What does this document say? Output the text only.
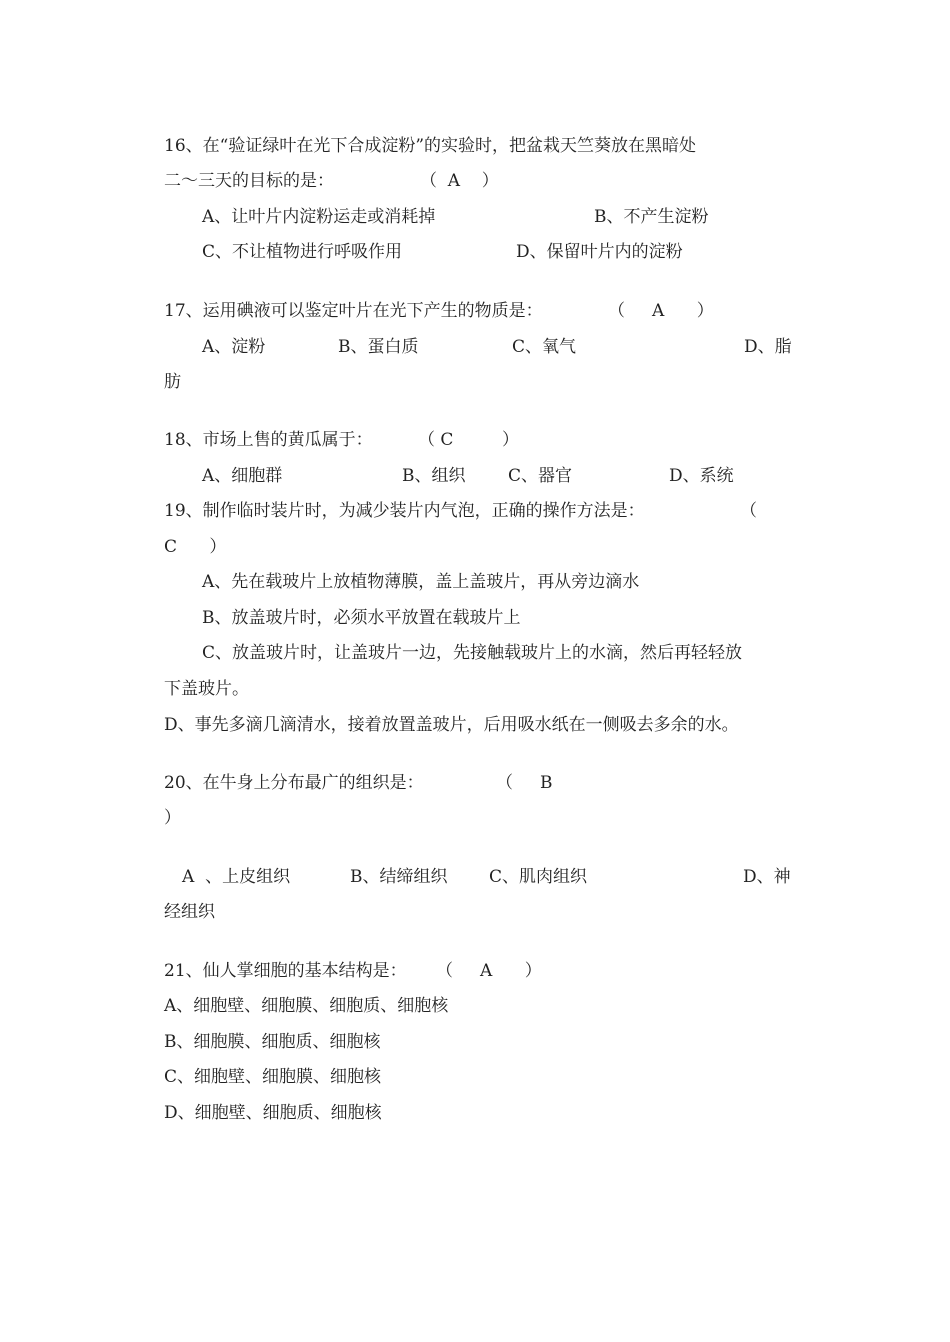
16、在“验证绿叶在光下合成淀粉”的实验时，把盆栽天竺葵放在黑暗处
二～三天的目标的是：	（  A    ）
A、让叶片内淀粉运走或消耗掉	B、不产生淀粉
C、不让植物进行呼吸作用	D、保留叶片内的淀粉
17、运用碘液可以鉴定叶片在光下产生的物质是：	（     A      ）
A、淀粉	B、蛋白质	C、氧气	D、脂
肪
18、市场上售的黄瓜属于：	（ C         ）
A、细胞群	B、组织	C、器官	D、系统
19、制作临时装片时，为减少装片内气泡，正确的操作方法是：	（
C      ）
A、先在载玻片上放植物薄膜，盖上盖玻片，再从旁边滴水
B、放盖玻片时，必须水平放置在载玻片上
C、放盖玻片时，让盖玻片一边，先接触载玻片上的水滴，然后再轻轻放
下盖玻片。
D、事先多滴几滴清水，接着放置盖玻片，后用吸水纸在一侧吸去多余的水。
20、在牛身上分布最广的组织是：	（     B
）
A  、上皮组织	B、结缔组织 C、肌肉组织	D、神
经组织
21、仙人掌细胞的基本结构是： （     A      ）
A、细胞壁、细胞膜、细胞质、细胞核
B、细胞膜、细胞质、细胞核
C、细胞壁、细胞膜、细胞核
D、细胞壁、细胞质、细胞核
